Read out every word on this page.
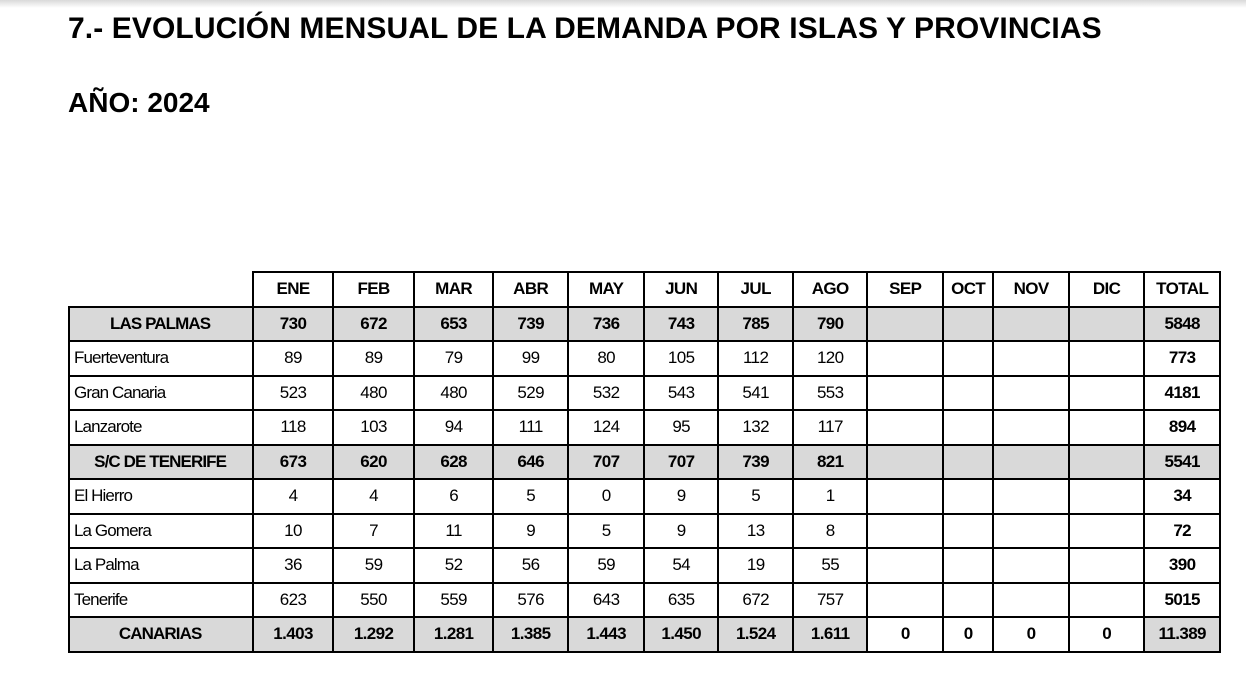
7.- EVOLUCIÓN MENSUAL DE LA DEMANDA POR ISLAS Y PROVINCIAS
AÑO: 2024
	ENE	FEB	MAR	ABR	MAY	JUN	JUL	AGO	SEP	OCT	NOV	DIC	TOTAL
LAS PALMAS	730	672	653	739	736	743	785	790					5848
Fuerteventura	89	89	79	99	80	105	112	120					773
Gran Canaria	523	480	480	529	532	543	541	553					4181
Lanzarote	118	103	94	111	124	95	132	117					894
S/C DE TENERIFE	673	620	628	646	707	707	739	821					5541
El Hierro	4	4	6	5	0	9	5	1					34
La Gomera	10	7	11	9	5	9	13	8					72
La Palma	36	59	52	56	59	54	19	55					390
Tenerife	623	550	559	576	643	635	672	757					5015
CANARIAS	1.403	1.292	1.281	1.385	1.443	1.450	1.524	1.611	0	0	0	0	11.389
